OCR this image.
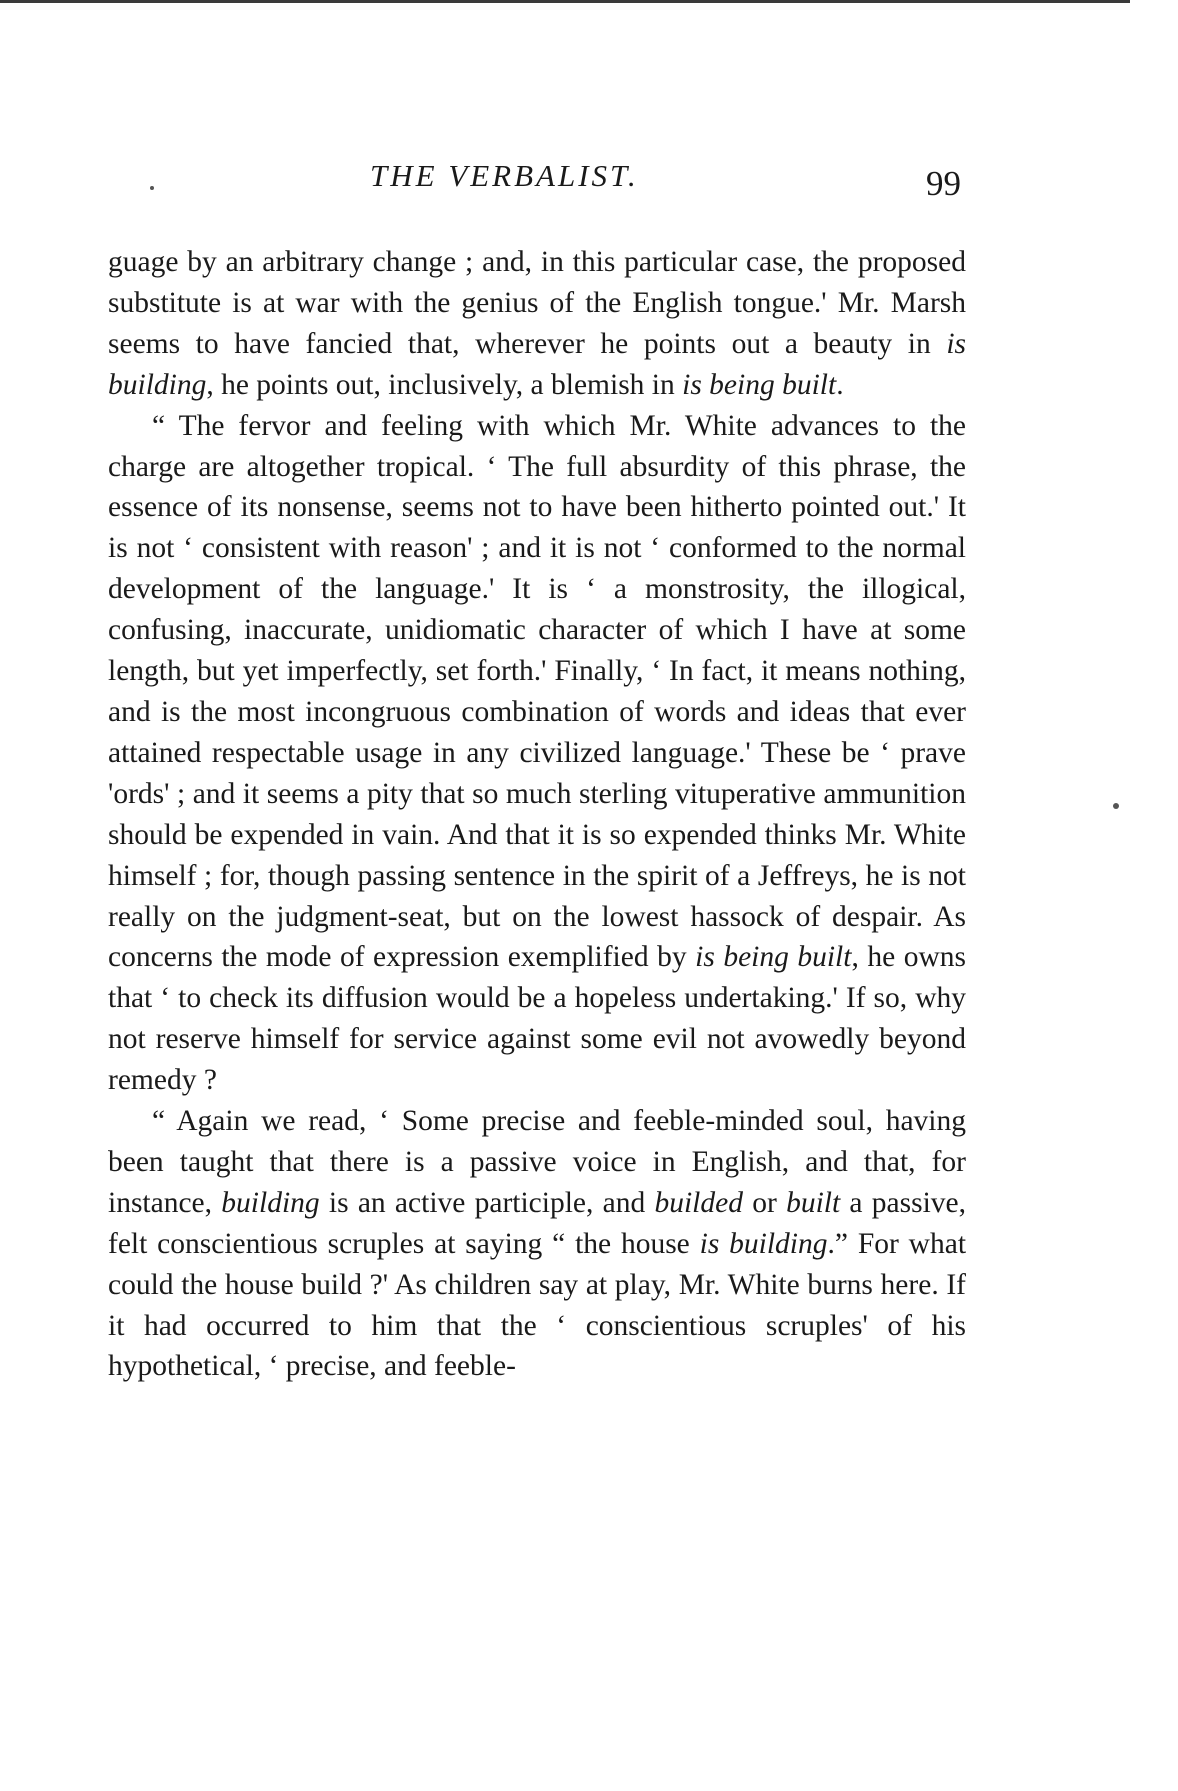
THE VERBALIST.	99

guage by an arbitrary change ; and, in this particular case, the proposed substitute is at war with the genius of the English tongue.' Mr. Marsh seems to have fancied that, wherever he points out a beauty in is building, he points out, inclusively, a blemish in is being built.

“ The fervor and feeling with which Mr. White advances to the charge are altogether tropical. ‘ The full absurdity of this phrase, the essence of its nonsense, seems not to have been hitherto pointed out.' It is not ‘ consistent with reason' ; and it is not ‘ conformed to the normal development of the language.' It is ‘ a monstrosity, the illogical, confusing, inaccurate, unidiomatic character of which I have at some length, but yet imperfectly, set forth.' Finally, ‘ In fact, it means nothing, and is the most incongruous combination of words and ideas that ever attained respectable usage in any civilized language.' These be ‘ prave 'ords' ; and it seems a pity that so much sterling vituperative ammunition should be expended in vain. And that it is so expended thinks Mr. White himself ; for, though passing sentence in the spirit of a Jeffreys, he is not really on the judgment-seat, but on the lowest hassock of despair. As concerns the mode of expression exemplified by is being built, he owns that ‘ to check its diffusion would be a hopeless undertaking.' If so, why not reserve himself for service against some evil not avowedly beyond remedy ?

“ Again we read, ‘ Some precise and feeble-minded soul, having been taught that there is a passive voice in English, and that, for instance, building is an active participle, and builded or built a passive, felt conscientious scruples at saying “ the house is building.” For what could the house build ?' As children say at play, Mr. White burns here. If it had occurred to him that the ‘ conscientious scruples' of his hypothetical, ‘ precise, and feeble-
